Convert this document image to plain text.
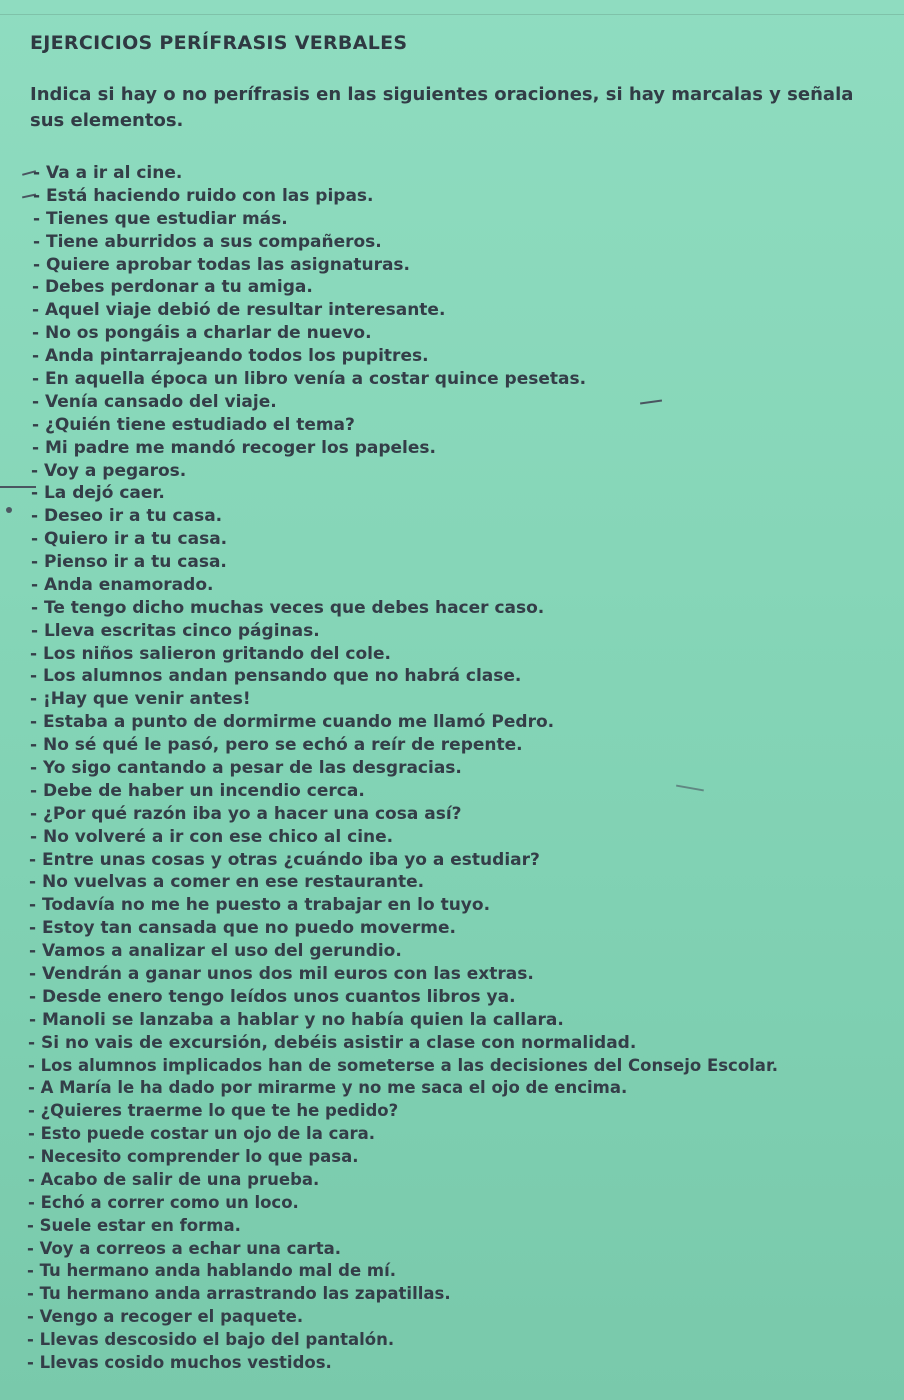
EJERCICIOS PERÍFRASIS VERBALES
Indica si hay o no perífrasis en las siguientes oraciones, si hay marcalas y señala sus elementos.
- Va a ir al cine.
- Está haciendo ruido con las pipas.
- Tienes que estudiar más.
- Tiene aburridos a sus compañeros.
- Quiere aprobar todas las asignaturas.
- Debes perdonar a tu amiga.
- Aquel viaje debió de resultar interesante.
- No os pongáis a charlar de nuevo.
- Anda pintarrajeando todos los pupitres.
- En aquella época un libro venía a costar quince pesetas.
- Venía cansado del viaje.
- ¿Quién tiene estudiado el tema?
- Mi padre me mandó recoger los papeles.
- Voy a pegaros.
- La dejó caer.
- Deseo ir a tu casa.
- Quiero ir a tu casa.
- Pienso ir a tu casa.
- Anda enamorado.
- Te tengo dicho muchas veces que debes hacer caso.
- Lleva escritas cinco páginas.
- Los niños salieron gritando del cole.
- Los alumnos andan pensando que no habrá clase.
- ¡Hay que venir antes!
- Estaba a punto de dormirme cuando me llamó Pedro.
- No sé qué le pasó, pero se echó a reír de repente.
- Yo sigo cantando a pesar de las desgracias.
- Debe de haber un incendio cerca.
- ¿Por qué razón iba yo a hacer una cosa así?
- No volveré a ir con ese chico al cine.
- Entre unas cosas y otras ¿cuándo iba yo a estudiar?
- No vuelvas a comer en ese restaurante.
- Todavía no me he puesto a trabajar en lo tuyo.
- Estoy tan cansada que no puedo moverme.
- Vamos a analizar el uso del gerundio.
- Vendrán a ganar unos dos mil euros con las extras.
- Desde enero tengo leídos unos cuantos libros ya.
- Manoli se lanzaba a hablar y no había quien la callara.
- Si no vais de excursión, debéis asistir a clase con normalidad.
- Los alumnos implicados han de someterse a las decisiones del Consejo Escolar.
- A María le ha dado por mirarme y no me saca el ojo de encima.
- ¿Quieres traerme lo que te he pedido?
- Esto puede costar un ojo de la cara.
- Necesito comprender lo que pasa.
- Acabo de salir de una prueba.
- Echó a correr como un loco.
- Suele estar en forma.
- Voy a correos a echar una carta.
- Tu hermano anda hablando mal de mí.
- Tu hermano anda arrastrando las zapatillas.
- Vengo a recoger el paquete.
- Llevas descosido el bajo del pantalón.
- Llevas cosido muchos vestidos.
